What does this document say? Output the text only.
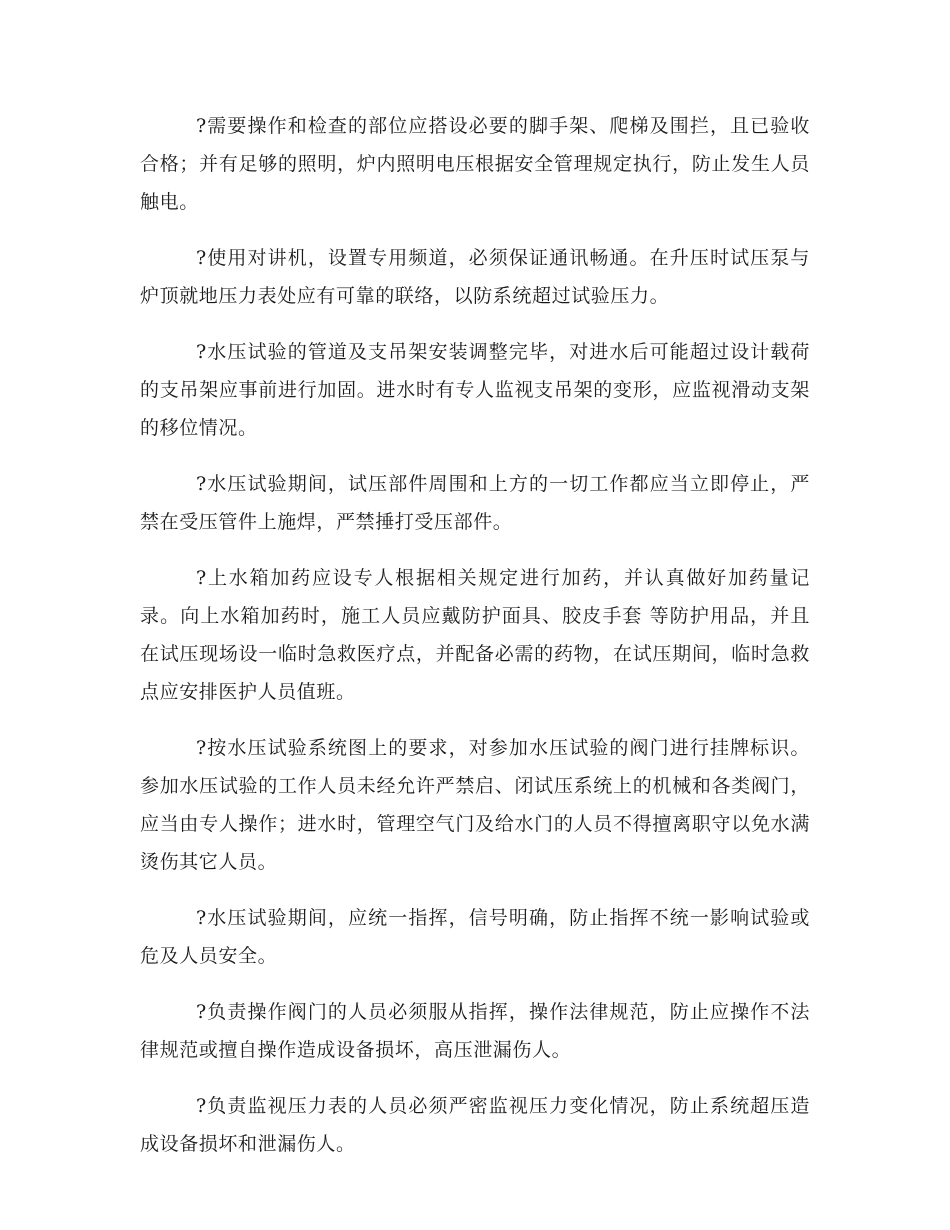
?需要操作和检查的部位应搭设必要的脚手架、爬梯及围拦，且已验收合格；并有足够的照明，炉内照明电压根据安全管理规定执行，防止发生人员触电。

?使用对讲机，设置专用频道，必须保证通讯畅通。在升压时试压泵与炉顶就地压力表处应有可靠的联络，以防系统超过试验压力。

?水压试验的管道及支吊架安装调整完毕，对进水后可能超过设计载荷的支吊架应事前进行加固。进水时有专人监视支吊架的变形，应监视滑动支架的移位情况。

?水压试验期间，试压部件周围和上方的一切工作都应当立即停止，严禁在受压管件上施焊，严禁捶打受压部件。

?上水箱加药应设专人根据相关规定进行加药，并认真做好加药量记录。向上水箱加药时，施工人员应戴防护面具、胶皮手套 等防护用品，并且在试压现场设一临时急救医疗点，并配备必需的药物，在试压期间，临时急救点应安排医护人员值班。

?按水压试验系统图上的要求，对参加水压试验的阀门进行挂牌标识。参加水压试验的工作人员未经允许严禁启、闭试压系统上的机械和各类阀门，应当由专人操作；进水时，管理空气门及给水门的人员不得擅离职守以免水满烫伤其它人员。

?水压试验期间，应统一指挥，信号明确，防止指挥不统一影响试验或危及人员安全。

?负责操作阀门的人员必须服从指挥，操作法律规范，防止应操作不法律规范或擅自操作造成设备损坏，高压泄漏伤人。

?负责监视压力表的人员必须严密监视压力变化情况，防止系统超压造成设备损坏和泄漏伤人。
